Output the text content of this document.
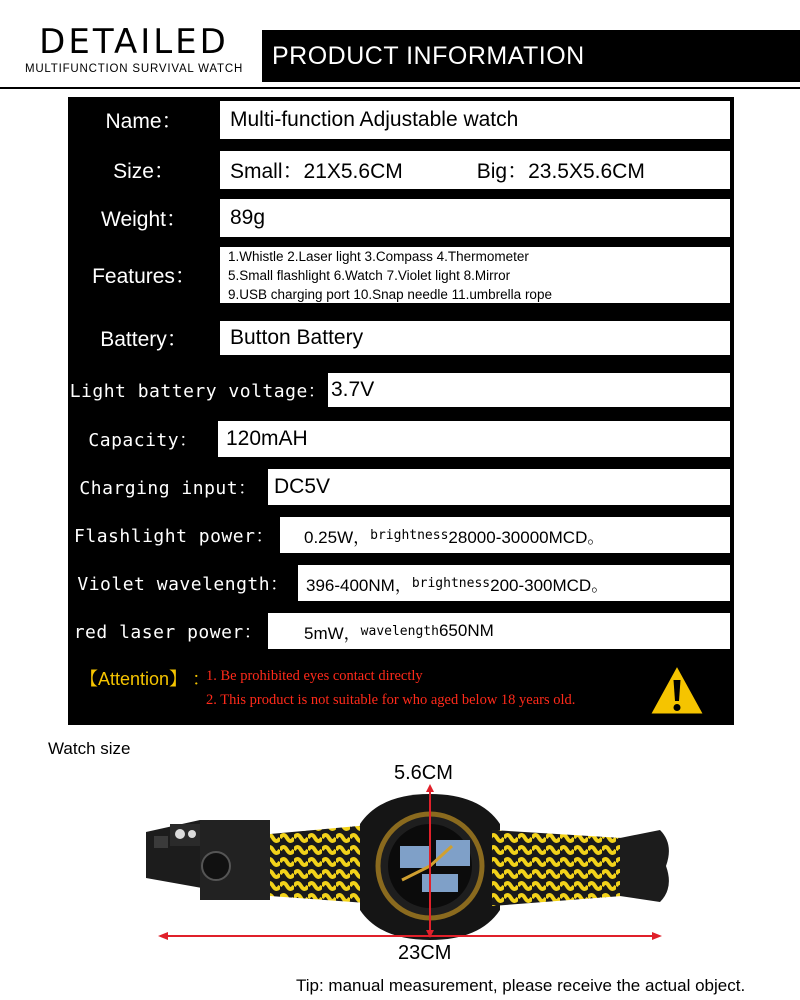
DETAILED
MULTIFUNCTION SURVIVAL WATCH	PRODUCT INFORMATION
Name：	Multi-function Adjustable watch
Size：	Small：21X5.6CM	Big：23.5X5.6CM
Weight：	89g
Features：
1.Whistle 2.Laser light 3.Compass 4.Thermometer
5.Small flashlight 6.Watch 7.Violet light 8.Mirror
9.USB charging port 10.Snap needle 11.umbrella rope
Battery：	Button Battery
Light battery voltage： 3.7V
Capacity：	120mAH
Charging input： DC5V
Flashlight power：	0.25W， brightness 28000-30000MCD。
Violet wavelength：	396-400NM， brightness 200-300MCD。
red laser power：	5mW， wavelength 650NM
【Attention】 ：
1. Be prohibited eyes contact directly
2. This product is not suitable for who aged below 18 years old.
Watch size
5.6CM
23CM
Tip: manual measurement, please receive the actual object.
